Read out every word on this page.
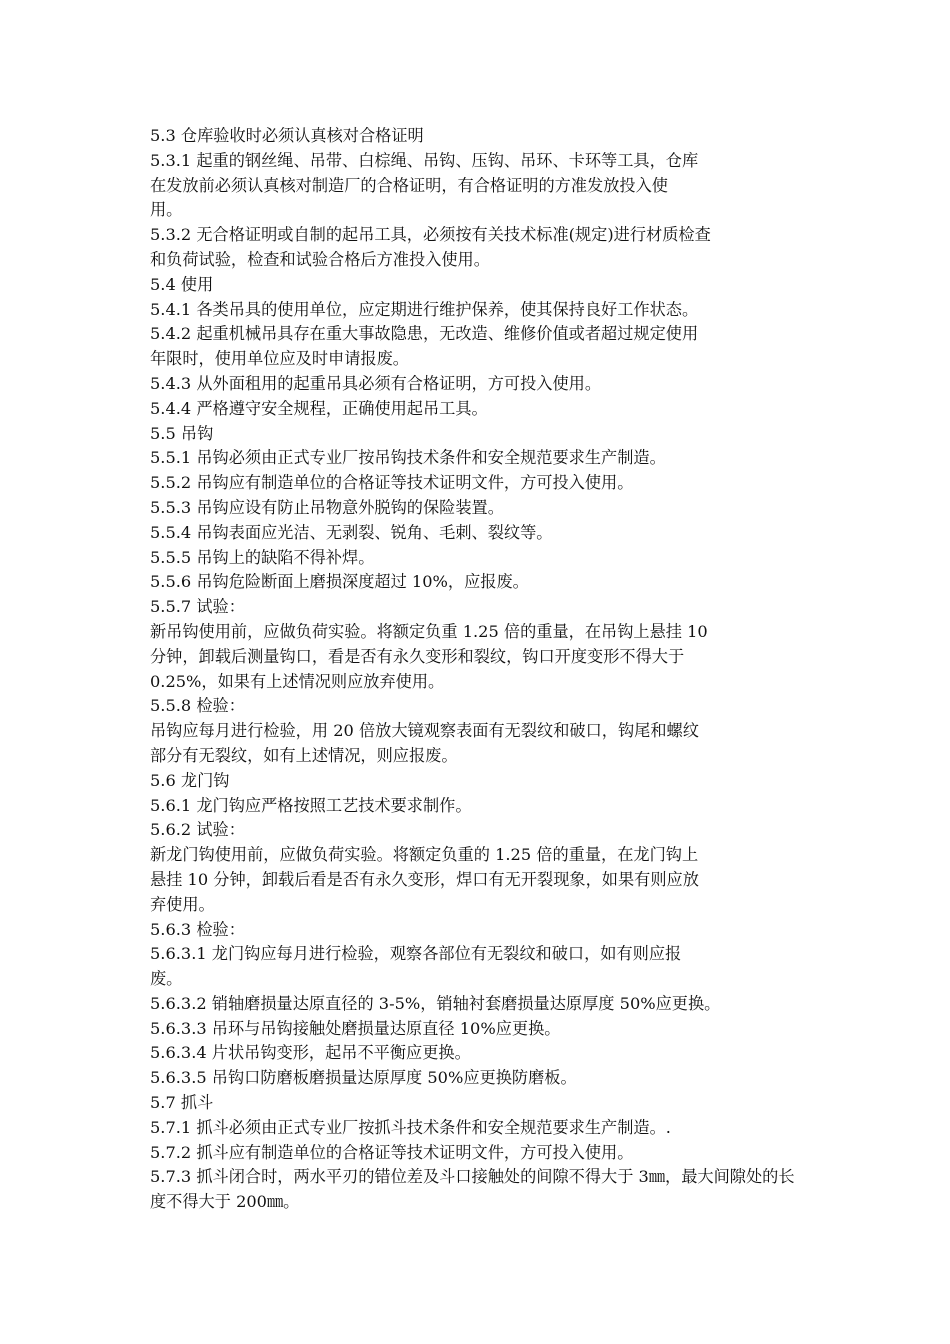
5.3 仓库验收时必须认真核对合格证明

5.3.1 起重的钢丝绳、吊带、白棕绳、吊钩、压钩、吊环、卡环等工具，仓库

在发放前必须认真核对制造厂的合格证明，有合格证明的方准发放投入使

用。

5.3.2 无合格证明或自制的起吊工具，必须按有关技术标准(规定)进行材质检查

和负荷试验，检查和试验合格后方准投入使用。

5.4 使用

5.4.1 各类吊具的使用单位，应定期进行维护保养，使其保持良好工作状态。

5.4.2 起重机械吊具存在重大事故隐患，无改造、维修价值或者超过规定使用

年限时，使用单位应及时申请报废。

5.4.3 从外面租用的起重吊具必须有合格证明，方可投入使用。

5.4.4 严格遵守安全规程，正确使用起吊工具。

5.5 吊钩

5.5.1 吊钩必须由正式专业厂按吊钩技术条件和安全规范要求生产制造。

5.5.2 吊钩应有制造单位的合格证等技术证明文件，方可投入使用。

5.5.3 吊钩应设有防止吊物意外脱钩的保险装置。

5.5.4 吊钩表面应光洁、无剥裂、锐角、毛刺、裂纹等。

5.5.5 吊钩上的缺陷不得补焊。

5.5.6 吊钩危险断面上磨损深度超过 10%，应报废。

5.5.7 试验：

新吊钩使用前，应做负荷实验。将额定负重 1.25 倍的重量，在吊钩上悬挂 10

分钟，卸载后测量钩口，看是否有永久变形和裂纹，钩口开度变形不得大于

0.25%，如果有上述情况则应放弃使用。

5.5.8 检验：

吊钩应每月进行检验，用 20 倍放大镜观察表面有无裂纹和破口，钩尾和螺纹

部分有无裂纹，如有上述情况，则应报废。

5.6 龙门钩

5.6.1 龙门钩应严格按照工艺技术要求制作。

5.6.2 试验：

新龙门钩使用前，应做负荷实验。将额定负重的 1.25 倍的重量，在龙门钩上

悬挂 10 分钟，卸载后看是否有永久变形，焊口有无开裂现象，如果有则应放

弃使用。

5.6.3 检验：

5.6.3.1 龙门钩应每月进行检验，观察各部位有无裂纹和破口，如有则应报

废。

5.6.3.2 销轴磨损量达原直径的 3-5%，销轴衬套磨损量达原厚度 50%应更换。

5.6.3.3 吊环与吊钩接触处磨损量达原直径 10%应更换。

5.6.3.4 片状吊钩变形，起吊不平衡应更换。

5.6.3.5 吊钩口防磨板磨损量达原厚度 50%应更换防磨板。

5.7 抓斗

5.7.1 抓斗必须由正式专业厂按抓斗技术条件和安全规范要求生产制造。.

5.7.2 抓斗应有制造单位的合格证等技术证明文件，方可投入使用。

5.7.3 抓斗闭合时，两水平刃的错位差及斗口接触处的间隙不得大于 3㎜，最大间隙处的长度不得大于 200㎜。
